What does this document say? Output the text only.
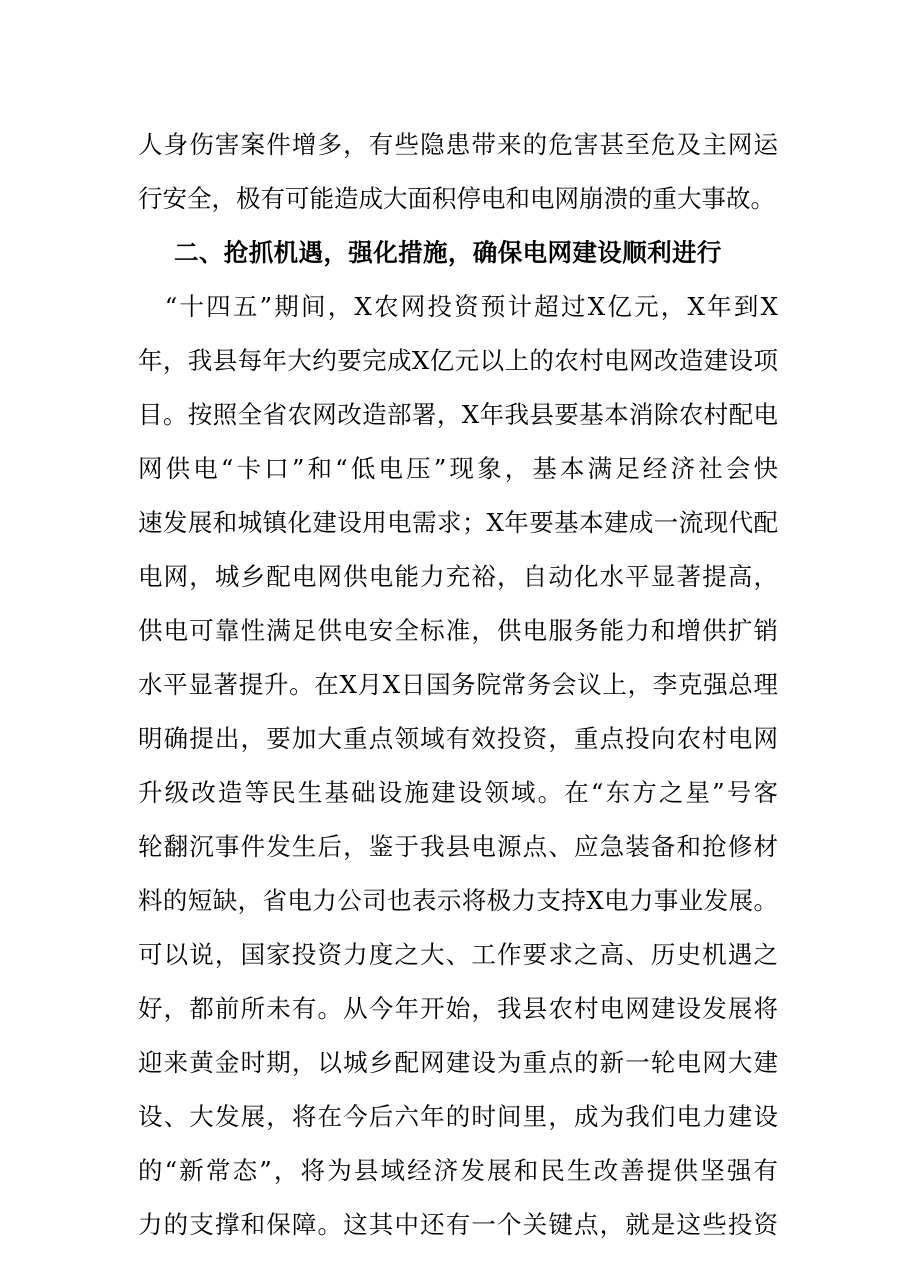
人身伤害案件增多，有些隐患带来的危害甚至危及主网运
行安全，极有可能造成大面积停电和电网崩溃的重大事故。
二、抢抓机遇，强化措施，确保电网建设顺利进行
　“十四五”期间，X农网投资预计超过X亿元，X年到X
年，我县每年大约要完成X亿元以上的农村电网改造建设项
目。按照全省农网改造部署，X年我县要基本消除农村配电
网供电“卡口”和“低电压”现象，基本满足经济社会快
速发展和城镇化建设用电需求；X年要基本建成一流现代配
电网，城乡配电网供电能力充裕，自动化水平显著提高，
供电可靠性满足供电安全标准，供电服务能力和增供扩销
水平显著提升。在X月X日国务院常务会议上，李克强总理
明确提出，要加大重点领域有效投资，重点投向农村电网
升级改造等民生基础设施建设领域。在“东方之星”号客
轮翻沉事件发生后，鉴于我县电源点、应急装备和抢修材
料的短缺，省电力公司也表示将极力支持X电力事业发展。
可以说，国家投资力度之大、工作要求之高、历史机遇之
好，都前所未有。从今年开始，我县农村电网建设发展将
迎来黄金时期，以城乡配网建设为重点的新一轮电网大建
设、大发展，将在今后六年的时间里，成为我们电力建设
的“新常态”，将为县域经济发展和民生改善提供坚强有
力的支撑和保障。这其中还有一个关键点，就是这些投资
